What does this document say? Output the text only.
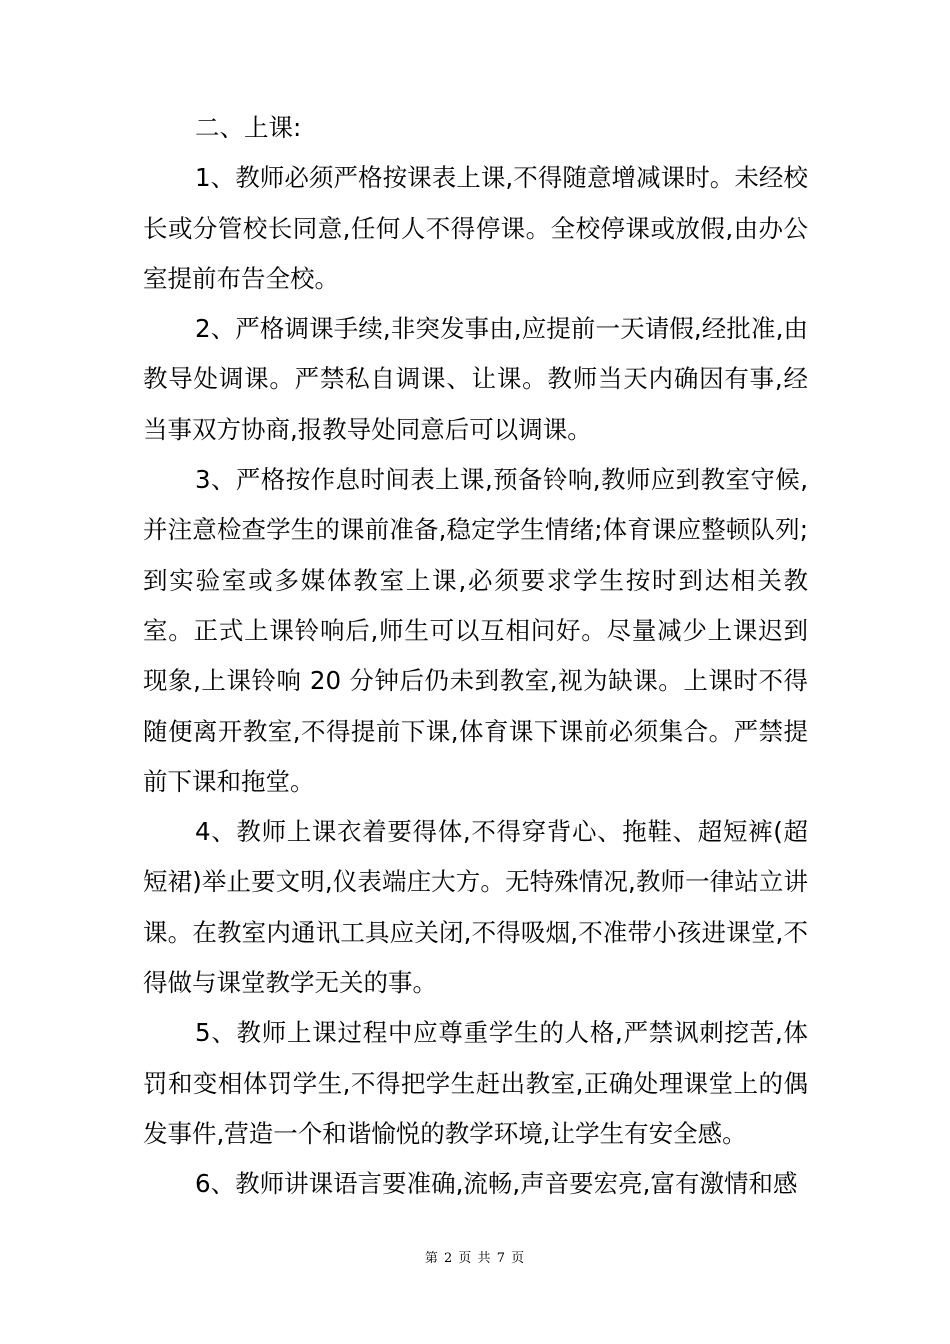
二、上课:

1、教师必须严格按课表上课,不得随意增减课时。未经校长或分管校长同意,任何人不得停课。全校停课或放假,由办公室提前布告全校。

2、严格调课手续,非突发事由,应提前一天请假,经批准,由教导处调课。严禁私自调课、让课。教师当天内确因有事,经当事双方协商,报教导处同意后可以调课。

3、严格按作息时间表上课,预备铃响,教师应到教室守候,并注意检查学生的课前准备,稳定学生情绪;体育课应整顿队列;到实验室或多媒体教室上课,必须要求学生按时到达相关教室。正式上课铃响后,师生可以互相问好。尽量减少上课迟到现象,上课铃响 20 分钟后仍未到教室,视为缺课。上课时不得随便离开教室,不得提前下课,体育课下课前必须集合。严禁提前下课和拖堂。

4、教师上课衣着要得体,不得穿背心、拖鞋、超短裤(超短裙)举止要文明,仪表端庄大方。无特殊情况,教师一律站立讲课。在教室内通讯工具应关闭,不得吸烟,不准带小孩进课堂,不得做与课堂教学无关的事。

5、教师上课过程中应尊重学生的人格,严禁讽刺挖苦,体罚和变相体罚学生,不得把学生赶出教室,正确处理课堂上的偶发事件,营造一个和谐愉悦的教学环境,让学生有安全感。

6、教师讲课语言要准确,流畅,声音要宏亮,富有激情和感

第 2 页 共 7 页
